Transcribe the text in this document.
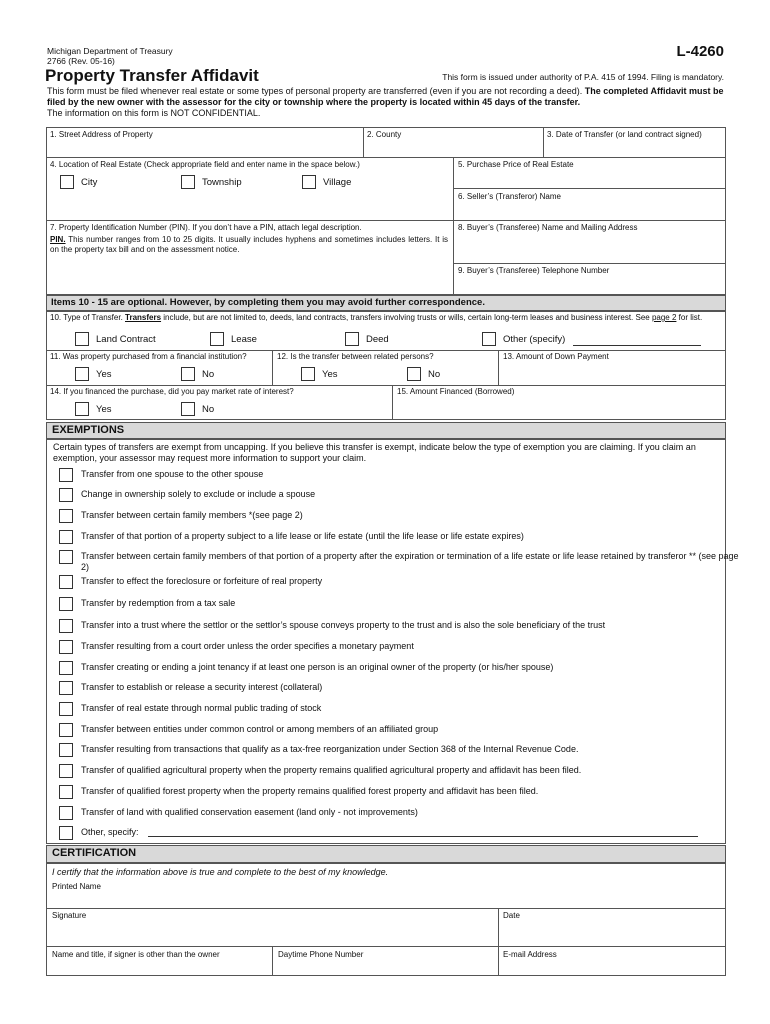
Michigan Department of Treasury
2766 (Rev. 05-16)
L-4260
Property Transfer Affidavit	This form is issued under authority of P.A. 415 of 1994. Filing is mandatory.
This form must be filed whenever real estate or some types of personal property are transferred (even if you are not recording a deed). The completed Affidavit must be filed by the new owner with the assessor for the city or township where the property is located within 45 days of the transfer.
The information on this form is NOT CONFIDENTIAL.
1. Street Address of Property	2. County	3. Date of Transfer (or land contract signed)
4. Location of Real Estate (Check appropriate field and enter name in the space below.)
City	Township	Village
5. Purchase Price of Real Estate
6. Seller’s (Transferor) Name
7. Property Identification Number (PIN). If you don’t have a PIN, attach legal description.
PIN. This number ranges from 10 to 25 digits. It usually includes hyphens and sometimes includes letters. It is on the property tax bill and on the assessment notice.
8. Buyer’s (Transferee) Name and Mailing Address
9. Buyer’s (Transferee) Telephone Number
Items 10 - 15 are optional. However, by completing them you may avoid further correspondence.
10. Type of Transfer. Transfers include, but are not limited to, deeds, land contracts, transfers involving trusts or wills, certain long-term leases and business interest. See page 2 for list.
Land Contract	Lease	Deed	Other (specify)
11. Was property purchased from a financial institution?
Yes	No
12. Is the transfer between related persons?
Yes	No
13. Amount of Down Payment
14. If you financed the purchase, did you pay market rate of interest?
Yes	No
15. Amount Financed (Borrowed)
EXEMPTIONS
Certain types of transfers are exempt from uncapping. If you believe this transfer is exempt, indicate below the type of exemption you are claiming. If you claim an exemption, your assessor may request more information to support your claim.
Transfer from one spouse to the other spouse
Change in ownership solely to exclude or include a spouse
Transfer between certain family members *(see page 2)
Transfer of that portion of a property subject to a life lease or life estate (until the life lease or life estate expires)
Transfer between certain family members of that portion of a property after the expiration or termination of a life estate or life lease retained by transferor ** (see page 2)
Transfer to effect the foreclosure or forfeiture of real property
Transfer by redemption from a tax sale
Transfer into a trust where the settlor or the settlor’s spouse conveys property to the trust and is also the sole beneficiary of the trust
Transfer resulting from a court order unless the order specifies a monetary payment
Transfer creating or ending a joint tenancy if at least one person is an original owner of the property (or his/her spouse)
Transfer to establish or release a security interest (collateral)
Transfer of real estate through normal public trading of stock
Transfer between entities under common control or among members of an affiliated group
Transfer resulting from transactions that qualify as a tax-free reorganization under Section 368 of the Internal Revenue Code.
Transfer of qualified agricultural property when the property remains qualified agricultural property and affidavit has been filed.
Transfer of qualified forest property when the property remains qualified forest property and affidavit has been filed.
Transfer of land with qualified conservation easement (land only - not improvements)
Other, specify:
CERTIFICATION
I certify that the information above is true and complete to the best of my knowledge.
Printed Name
Signature	Date
Name and title, if signer is other than the owner	Daytime Phone Number	E-mail Address
